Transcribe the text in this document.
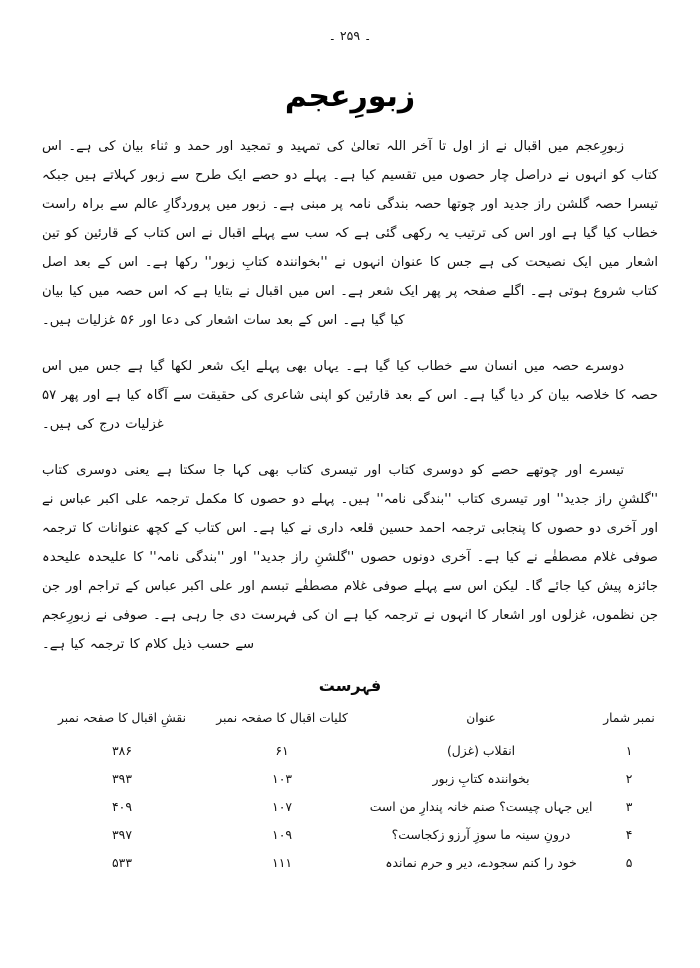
۔ ۲۵۹ ۔
زبورِعجم

زبورِعجم میں اقبال نے از اول تا آخر اللہ تعالیٰ کی تمہید و تمجید اور حمد و ثناء بیان کی ہے۔ اس کتاب کو انہوں نے دراصل چار حصوں میں تقسیم کیا ہے۔ پہلے دو حصے ایک طرح سے زبور کہلاتے ہیں جبکہ تیسرا حصہ گلشن راز جدید اور چوتھا حصہ بندگی نامہ پر مبنی ہے۔ زبور میں پروردگارِ عالم سے براہ راست خطاب کیا گیا ہے اور اس کی ترتیب یہ رکھی گئی ہے کہ سب سے پہلے اقبال نے اس کتاب کے قارئین کو تین اشعار میں ایک نصیحت کی ہے جس کا عنوان انہوں نے ''بخوانندہ کتابِ زبور'' رکھا ہے۔ اس کے بعد اصل کتاب شروع ہوتی ہے۔ اگلے صفحہ پر پھر ایک شعر ہے۔ اس میں اقبال نے بتایا ہے کہ اس حصہ میں کیا بیان کیا گیا ہے۔ اس کے بعد سات اشعار کی دعا اور ۵۶ غزلیات ہیں۔

دوسرے حصہ میں انسان سے خطاب کیا گیا ہے۔ یہاں بھی پہلے ایک شعر لکھا گیا ہے جس میں اس حصہ کا خلاصہ بیان کر دیا گیا ہے۔ اس کے بعد قارئین کو اپنی شاعری کی حقیقت سے آگاہ کیا ہے اور پھر ۵۷ غزلیات درج کی ہیں۔

تیسرے اور چوتھے حصے کو دوسری کتاب اور تیسری کتاب بھی کہا جا سکتا ہے یعنی دوسری کتاب ''گلشنِ راز جدید'' اور تیسری کتاب ''بندگی نامہ'' ہیں۔ پہلے دو حصوں کا مکمل ترجمہ علی اکبر عباس نے اور آخری دو حصوں کا پنجابی ترجمہ احمد حسین قلعہ داری نے کیا ہے۔ اس کتاب کے کچھ عنوانات کا ترجمہ صوفی غلام مصطفٰے نے کیا ہے۔ آخری دونوں حصوں ''گلشنِ راز جدید'' اور ''بندگی نامہ'' کا علیحدہ علیحدہ جائزہ پیش کیا جائے گا۔ لیکن اس سے پہلے صوفی غلام مصطفٰے تبسم اور علی اکبر عباس کے تراجم اور جن جن نظموں، غزلوں اور اشعار کا انہوں نے ترجمہ کیا ہے ان کی فہرست دی جا رہی ہے۔ صوفی نے زبورِعجم سے حسب ذیل کلام کا ترجمہ کیا ہے۔

فہرست
نمبر شمار	عنوان	کلیات اقبال کا صفحہ نمبر	نقشِ اقبال کا صفحہ نمبر
۱	انقلاب (غزل)	۶۱	۳۸۶
۲	بخوانندہ کتابِ زبور	۱۰۳	۳۹۳
۳	ایں جہاں چیست؟ صنم خانہ پندارِ من است	۱۰۷	۴۰۹
۴	درونِ سینہ ما سوزِ آرزو زکجاست؟	۱۰۹	۳۹۷
۵	خود را کنم سجودے، دیر و حرم نماندہ	۱۱۱	۵۳۳
